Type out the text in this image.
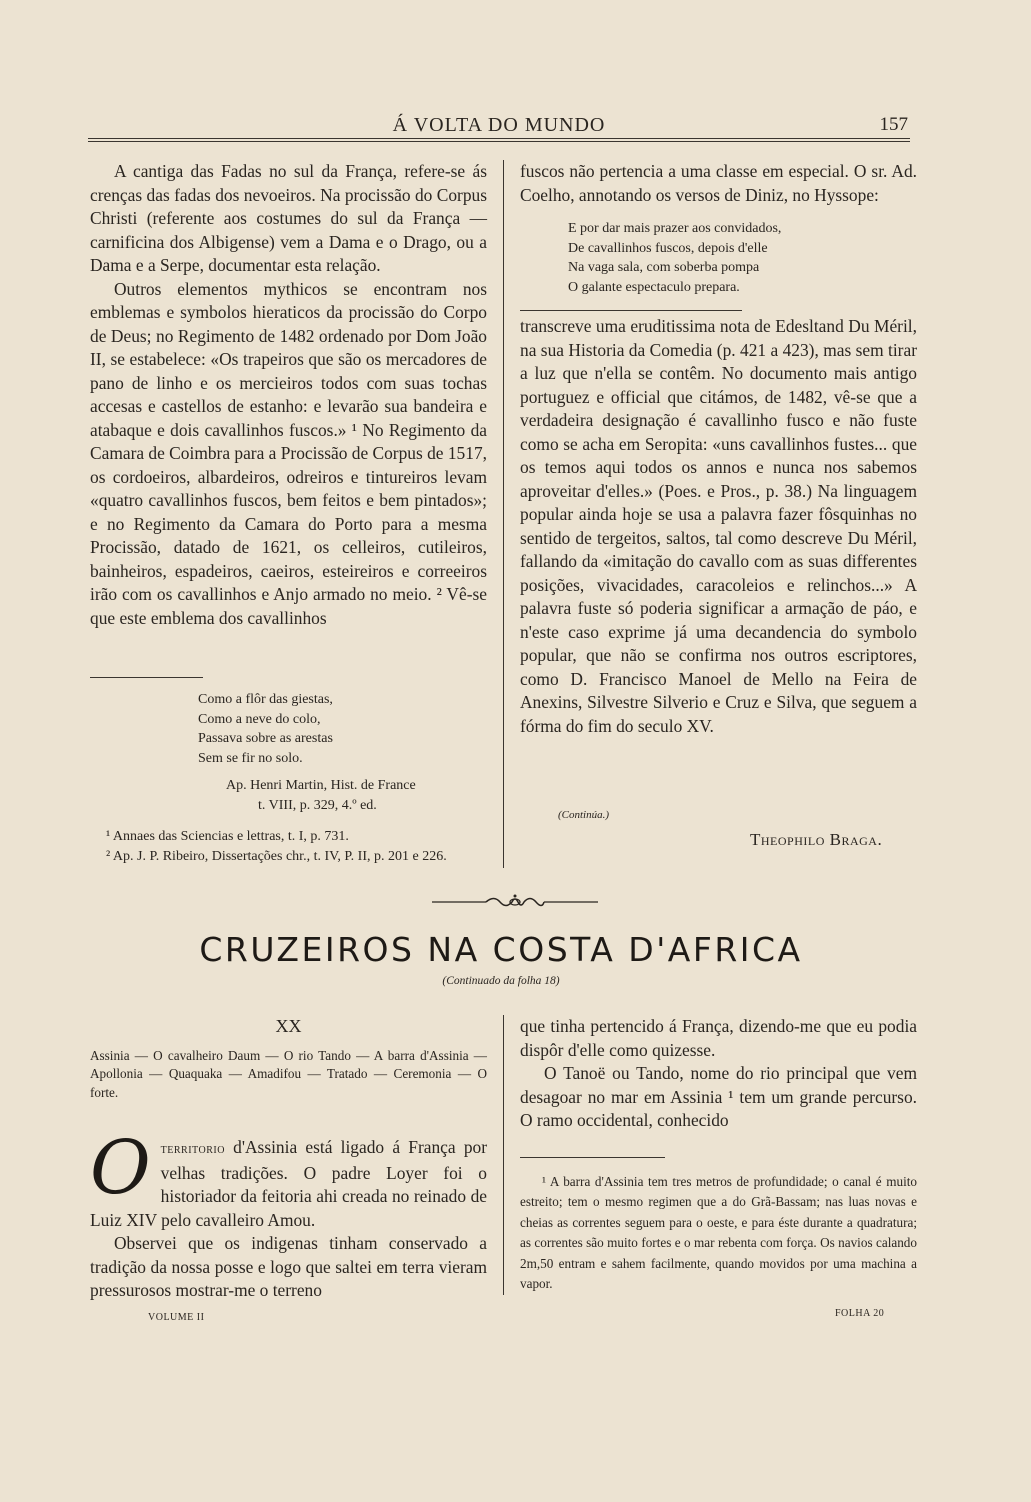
Á VOLTA DO MUNDO	157

A cantiga das Fadas no sul da França, refere-se ás crenças das fadas dos nevoeiros. Na procissão do Corpus Christi (referente aos costumes do sul da França — carnificina dos Albigense) vem a Dama e o Drago, ou a Dama e a Serpe, documentar esta relação.

Outros elementos mythicos se encontram nos emblemas e symbolos hieraticos da procissão do Corpo de Deus; no Regimento de 1482 ordenado por Dom João II, se estabelece: «Os trapeiros que são os mercadores de pano de linho e os mercieiros todos com suas tochas accesas e castellos de estanho: e levarão sua bandeira e atabaque e dois cavallinhos fuscos.» ¹ No Regimento da Camara de Coimbra para a Procissão de Corpus de 1517, os cordoeiros, albardeiros, odreiros e tintureiros levam «quatro cavallinhos fuscos, bem feitos e bem pintados»; e no Regimento da Camara do Porto para a mesma Procissão, datado de 1621, os celleiros, cutileiros, bainheiros, espadeiros, caeiros, esteireiros e correeiros irão com os cavallinhos e Anjo armado no meio. ² Vê-se que este emblema dos cavallinhos

fuscos não pertencia a uma classe em especial. O sr. Ad. Coelho, annotando os versos de Diniz, no Hyssope:

E por dar mais prazer aos convidados,
De cavallinhos fuscos, depois d'elle
Na vaga sala, com soberba pompa
O galante espectaculo prepara.

transcreve uma eruditissima nota de Edesltand Du Méril, na sua Historia da Comedia (p. 421 a 423), mas sem tirar a luz que n'ella se contêm. No documento mais antigo portuguez e official que citámos, de 1482, vê-se que a verdadeira designação é cavallinho fusco e não fuste como se acha em Seropita: «uns cavallinhos fustes... que os temos aqui todos os annos e nunca nos sabemos aproveitar d'elles.» (Poes. e Pros., p. 38.) Na linguagem popular ainda hoje se usa a palavra fazer fôsquinhas no sentido de tergeitos, saltos, tal como descreve Du Méril, fallando da «imitação do cavallo com as suas differentes posições, vivacidades, caracoleios e relinchos...» A palavra fuste só poderia significar a armação de páo, e n'este caso exprime já uma decandencia do symbolo popular, que não se confirma nos outros escriptores, como D. Francisco Manoel de Mello na Feira de Anexins, Silvestre Silverio e Cruz e Silva, que seguem a fórma do fim do seculo XV.

Como a flôr das giestas,
Como a neve do colo,
Passava sobre as arestas
Sem se fir no solo.
Ap. Henri Martin, Hist. de France
t. VIII, p. 329, 4.º ed.
¹ Annaes das Sciencias e lettras, t. I, p. 731.
² Ap. J. P. Ribeiro, Dissertações chr., t. IV, P. II, p. 201 e 226.
(Continúa.)
Theophilo Braga.
CRUZEIROS NA COSTA D'AFRICA
(Continuado da folha 18)
XX
Assinia — O cavalheiro Daum — O rio Tando — A barra d'Assinia — Apollonia — Quaquaka — Amadifou — Tratado — Ceremonia — O forte.

Oterritorio d'Assinia está ligado á França por velhas tradições. O padre Loyer foi o historiador da feitoria ahi creada no reinado de Luiz XIV pelo cavalleiro Amou.

Observei que os indigenas tinham conservado a tradição da nossa posse e logo que saltei em terra vieram pressurosos mostrar-me o terreno

que tinha pertencido á França, dizendo-me que eu podia dispôr d'elle como quizesse.

O Tanoë ou Tando, nome do rio principal que vem desagoar no mar em Assinia ¹ tem um grande percurso. O ramo occidental, conhecido

¹ A barra d'Assinia tem tres metros de profundidade; o canal é muito estreito; tem o mesmo regimen que a do Grã-Bassam; nas luas novas e cheias as correntes seguem para o oeste, e para éste durante a quadratura; as correntes são muito fortes e o mar rebenta com força. Os navios calando 2m,50 entram e sahem facilmente, quando movidos por uma machina a vapor.
VOLUME II	FOLHA 20
